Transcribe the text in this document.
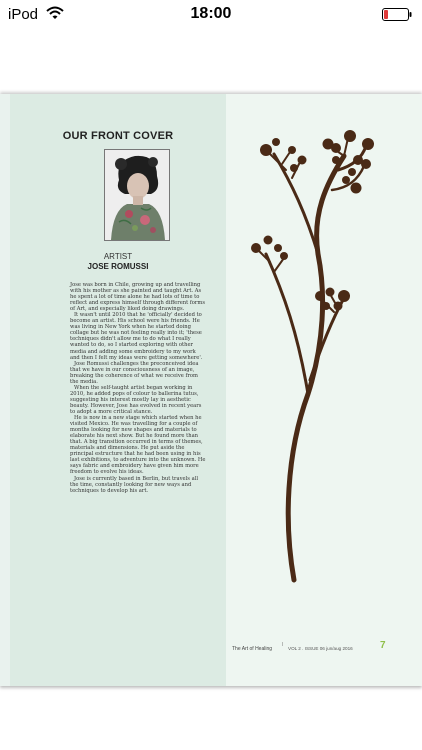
iPod	18:00
OUR FRONT COVER
ARTIST
JOSE ROMUSSI

Jose was born in Chile, growing up and travelling with his mother as she painted and taught Art. As he spent a lot of time alone he had lots of time to reflect and express himself through different forms of Art, and especially liked doing drawings.

It wasn't until 2010 that he 'officially' decided to become an artist. His school were his friends. He was living in New York when he started doing collage but he was not feeling really into it; 'these techniques didn't allow me to do what I really wanted to do, so I started exploring with other media and adding some embroidery to my work and then I felt my ideas were getting somewhere'.

Jose Romussi challenges the preconceived idea that we have in our consciousness of an image, breaking the coherence of what we receive from the media.

When the self-taught artist began working in 2010, he added pops of colour to ballerina tutus, suggesting his interest mostly lay in aesthetic beauty. However, Jose has evolved in recent years to adopt a more critical stance.

He is now in a new stage which started when he visited Mexico. He was travelling for a couple of months looking for new shapes and materials to elaborate his next show. But he found more than that. A big transition occurred in terms of themes, materials and dimensions. He put aside the principal estructure that he had been using in his last exhibitions, to adventure into the unknown. He says fabric and embroidery have given him more freedom to evolve his ideas.

Jose is currently based in Berlin, but travels all the time, constantly looking for new ways and techniques to develop his art.

The Art of Healing
I
VOL 2 . ISSUE 06 jun/aug 2016	7
